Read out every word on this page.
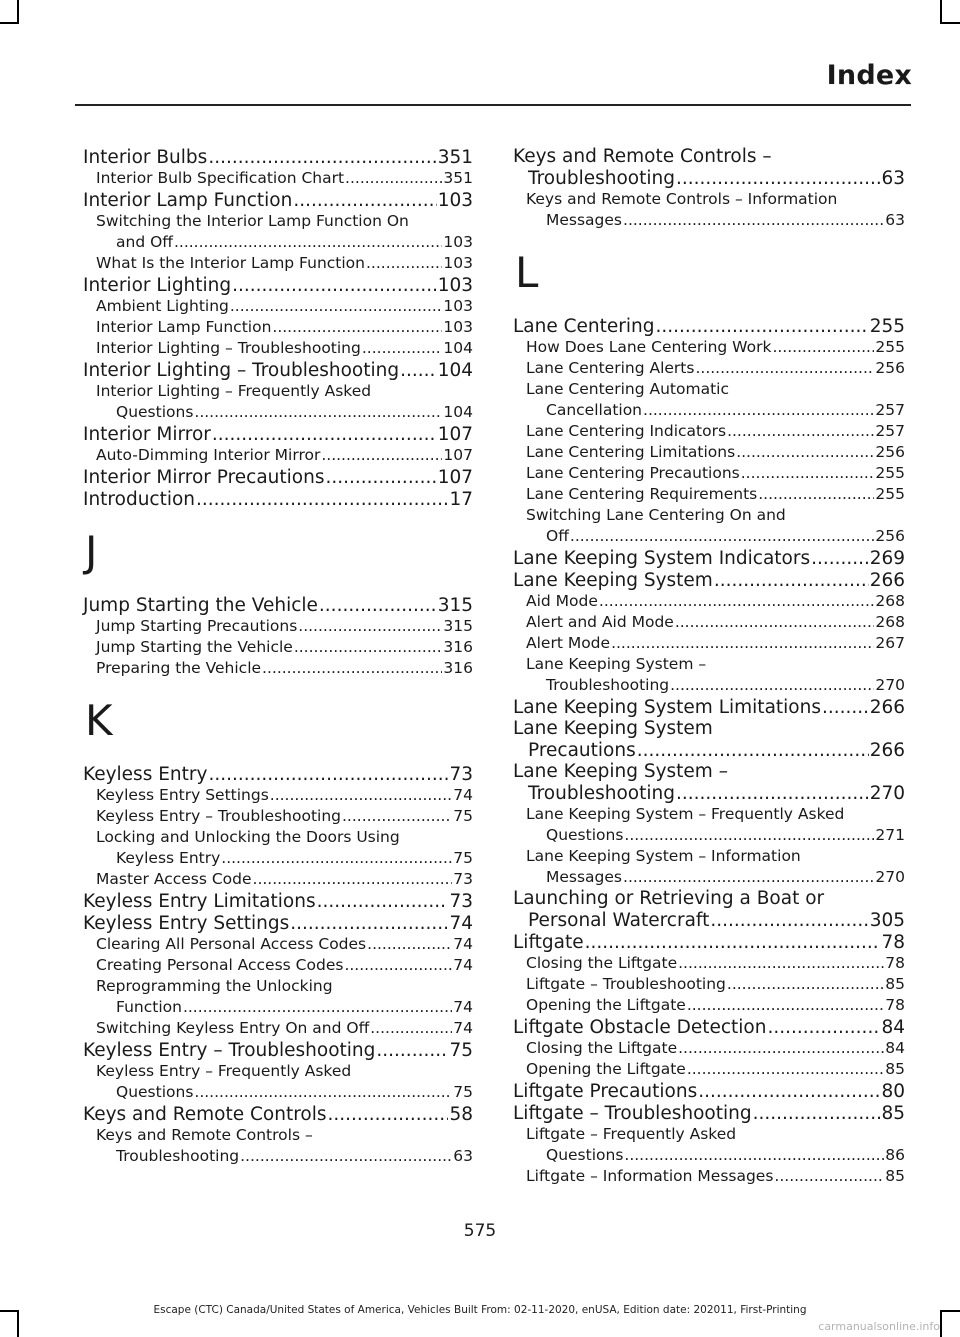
Index
Interior Bulbs .....	351
Interior Bulb Specification Chart .....	351
Interior Lamp Function .....	103
Switching the Interior Lamp Function On
and Off .....	103
What Is the Interior Lamp Function .....	103
Interior Lighting .....	103
Ambient Lighting .....	103
Interior Lamp Function .....	103
Interior Lighting – Troubleshooting .....	104
Interior Lighting – Troubleshooting ..... 104
Interior Lighting – Frequently Asked
Questions .....	104
Interior Mirror .....	107
Auto-Dimming Interior Mirror .....	107
Interior Mirror Precautions .....	107
Introduction .....	17
J
Jump Starting the Vehicle .....	315
Jump Starting Precautions .....	315
Jump Starting the Vehicle .....	316
Preparing the Vehicle .....	316
K
Keyless Entry .....	73
Keyless Entry Settings .....	74
Keyless Entry – Troubleshooting .....	75
Locking and Unlocking the Doors Using
Keyless Entry .....	75
Master Access Code .....	73
Keyless Entry Limitations .....	73
Keyless Entry Settings .....	74
Clearing All Personal Access Codes .....	74
Creating Personal Access Codes .....	74
Reprogramming the Unlocking
Function .....	74
Switching Keyless Entry On and Off .....	74
Keyless Entry – Troubleshooting .....	75
Keyless Entry – Frequently Asked
Questions .....	75
Keys and Remote Controls .....	58
Keys and Remote Controls –
Troubleshooting .....	63
Keys and Remote Controls –
Troubleshooting .....	63
Keys and Remote Controls – Information
Messages .....	63
L
Lane Centering .....	255
How Does Lane Centering Work .....	255
Lane Centering Alerts .....	256
Lane Centering Automatic
Cancellation .....	257
Lane Centering Indicators .....	257
Lane Centering Limitations .....	256
Lane Centering Precautions .....	255
Lane Centering Requirements .....	255
Switching Lane Centering On and
Off .....	256
Lane Keeping System Indicators .....	269
Lane Keeping System .....	266
Aid Mode .....	268
Alert and Aid Mode .....	268
Alert Mode .....	267
Lane Keeping System –
Troubleshooting .....	270
Lane Keeping System Limitations .....	266
Lane Keeping System
Precautions .....	266
Lane Keeping System –
Troubleshooting .....	270
Lane Keeping System – Frequently Asked
Questions .....	271
Lane Keeping System – Information
Messages .....	270
Launching or Retrieving a Boat or
Personal Watercraft .....	305
Liftgate .....	78
Closing the Liftgate .....	78
Liftgate – Troubleshooting .....	85
Opening the Liftgate .....	78
Liftgate Obstacle Detection .....	84
Closing the Liftgate .....	84
Opening the Liftgate .....	85
Liftgate Precautions .....	80
Liftgate – Troubleshooting .....	85
Liftgate – Frequently Asked
Questions .....	86
Liftgate – Information Messages .....	85
575
Escape (CTC) Canada/United States of America, Vehicles Built From: 02-11-2020, enUSA, Edition date: 202011, First-Printing
carmanualsonline.info
